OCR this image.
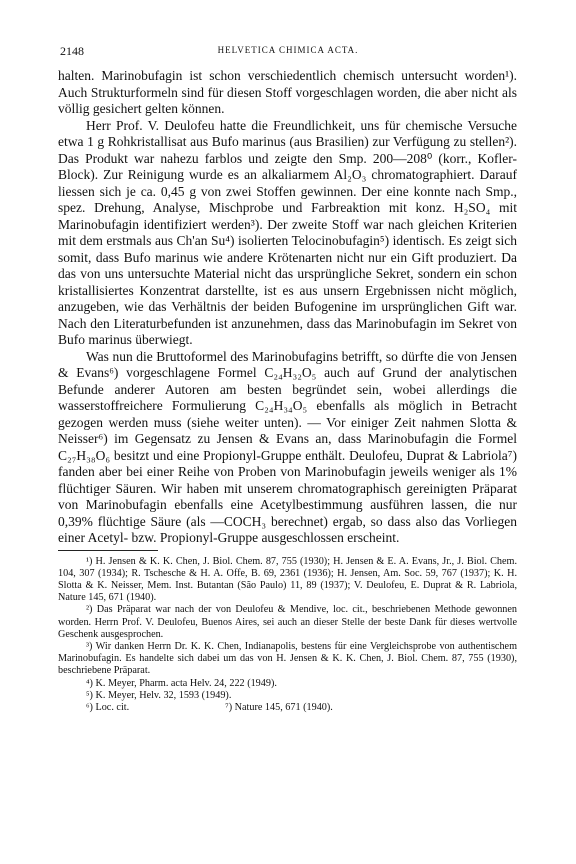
2148	HELVETICA CHIMICA ACTA.

halten. Marinobufagin ist schon verschiedentlich chemisch untersucht worden¹). Auch Strukturformeln sind für diesen Stoff vorgeschlagen worden, die aber nicht als völlig gesichert gelten können.

Herr Prof. V. Deulofeu hatte die Freundlichkeit, uns für chemische Versuche etwa 1 g Rohkristallisat aus Bufo marinus (aus Brasilien) zur Verfügung zu stellen²). Das Produkt war nahezu farblos und zeigte den Smp. 200—208⁰ (korr., Kofler-Block). Zur Reinigung wurde es an alkaliarmem Al₂O₃ chromatographiert. Darauf liessen sich je ca. 0,45 g von zwei Stoffen gewinnen. Der eine konnte nach Smp., spez. Drehung, Analyse, Mischprobe und Farbreaktion mit konz. H₂SO₄ mit Marinobufagin identifiziert werden³). Der zweite Stoff war nach gleichen Kriterien mit dem erstmals aus Ch'an Su⁴) isolierten Telocinobufagin⁵) identisch. Es zeigt sich somit, dass Bufo marinus wie andere Krötenarten nicht nur ein Gift produziert. Da das von uns untersuchte Material nicht das ursprüngliche Sekret, sondern ein schon kristallisiertes Konzentrat darstellte, ist es aus unsern Ergebnissen nicht möglich, anzugeben, wie das Verhältnis der beiden Bufogenine im ursprünglichen Gift war. Nach den Literaturbefunden ist anzunehmen, dass das Marinobufagin im Sekret von Bufo marinus überwiegt.

Was nun die Bruttoformel des Marinobufagins betrifft, so dürfte die von Jensen & Evans⁶) vorgeschlagene Formel C₂₄H₃₂O₅ auch auf Grund der analytischen Befunde anderer Autoren am besten begründet sein, wobei allerdings die wasserstoffreichere Formulierung C₂₄H₃₄O₅ ebenfalls als möglich in Betracht gezogen werden muss (siehe weiter unten). — Vor einiger Zeit nahmen Slotta & Neisser⁶) im Gegensatz zu Jensen & Evans an, dass Marinobufagin die Formel C₂₇H₃₈O₆ besitzt und eine Propionyl-Gruppe enthält. Deulofeu, Duprat & Labriola⁷) fanden aber bei einer Reihe von Proben von Marinobufagin jeweils weniger als 1% flüchtiger Säuren. Wir haben mit unserem chromatographisch gereinigten Präparat von Marinobufagin ebenfalls eine Acetylbestimmung ausführen lassen, die nur 0,39% flüchtige Säure (als —COCH₃ berechnet) ergab, so dass also das Vorliegen einer Acetyl- bzw. Propionyl-Gruppe ausgeschlossen erscheint.

¹) H. Jensen & K. K. Chen, J. Biol. Chem. 87, 755 (1930); H. Jensen & E. A. Evans, Jr., J. Biol. Chem. 104, 307 (1934); R. Tschesche & H. A. Offe, B. 69, 2361 (1936); H. Jensen, Am. Soc. 59, 767 (1937); K. H. Slotta & K. Neisser, Mem. Inst. Butantan (São Paulo) 11, 89 (1937); V. Deulofeu, E. Duprat & R. Labriola, Nature 145, 671 (1940).

²) Das Präparat war nach der von Deulofeu & Mendive, loc. cit., beschriebenen Methode gewonnen worden. Herrn Prof. V. Deulofeu, Buenos Aires, sei auch an dieser Stelle der beste Dank für dieses wertvolle Geschenk ausgesprochen.

³) Wir danken Herrn Dr. K. K. Chen, Indianapolis, bestens für eine Vergleichsprobe von authentischem Marinobufagin. Es handelte sich dabei um das von H. Jensen & K. K. Chen, J. Biol. Chem. 87, 755 (1930), beschriebene Präparat.

⁴) K. Meyer, Pharm. acta Helv. 24, 222 (1949).

⁵) K. Meyer, Helv. 32, 1593 (1949).

⁶) Loc. cit.	⁷) Nature 145, 671 (1940).
